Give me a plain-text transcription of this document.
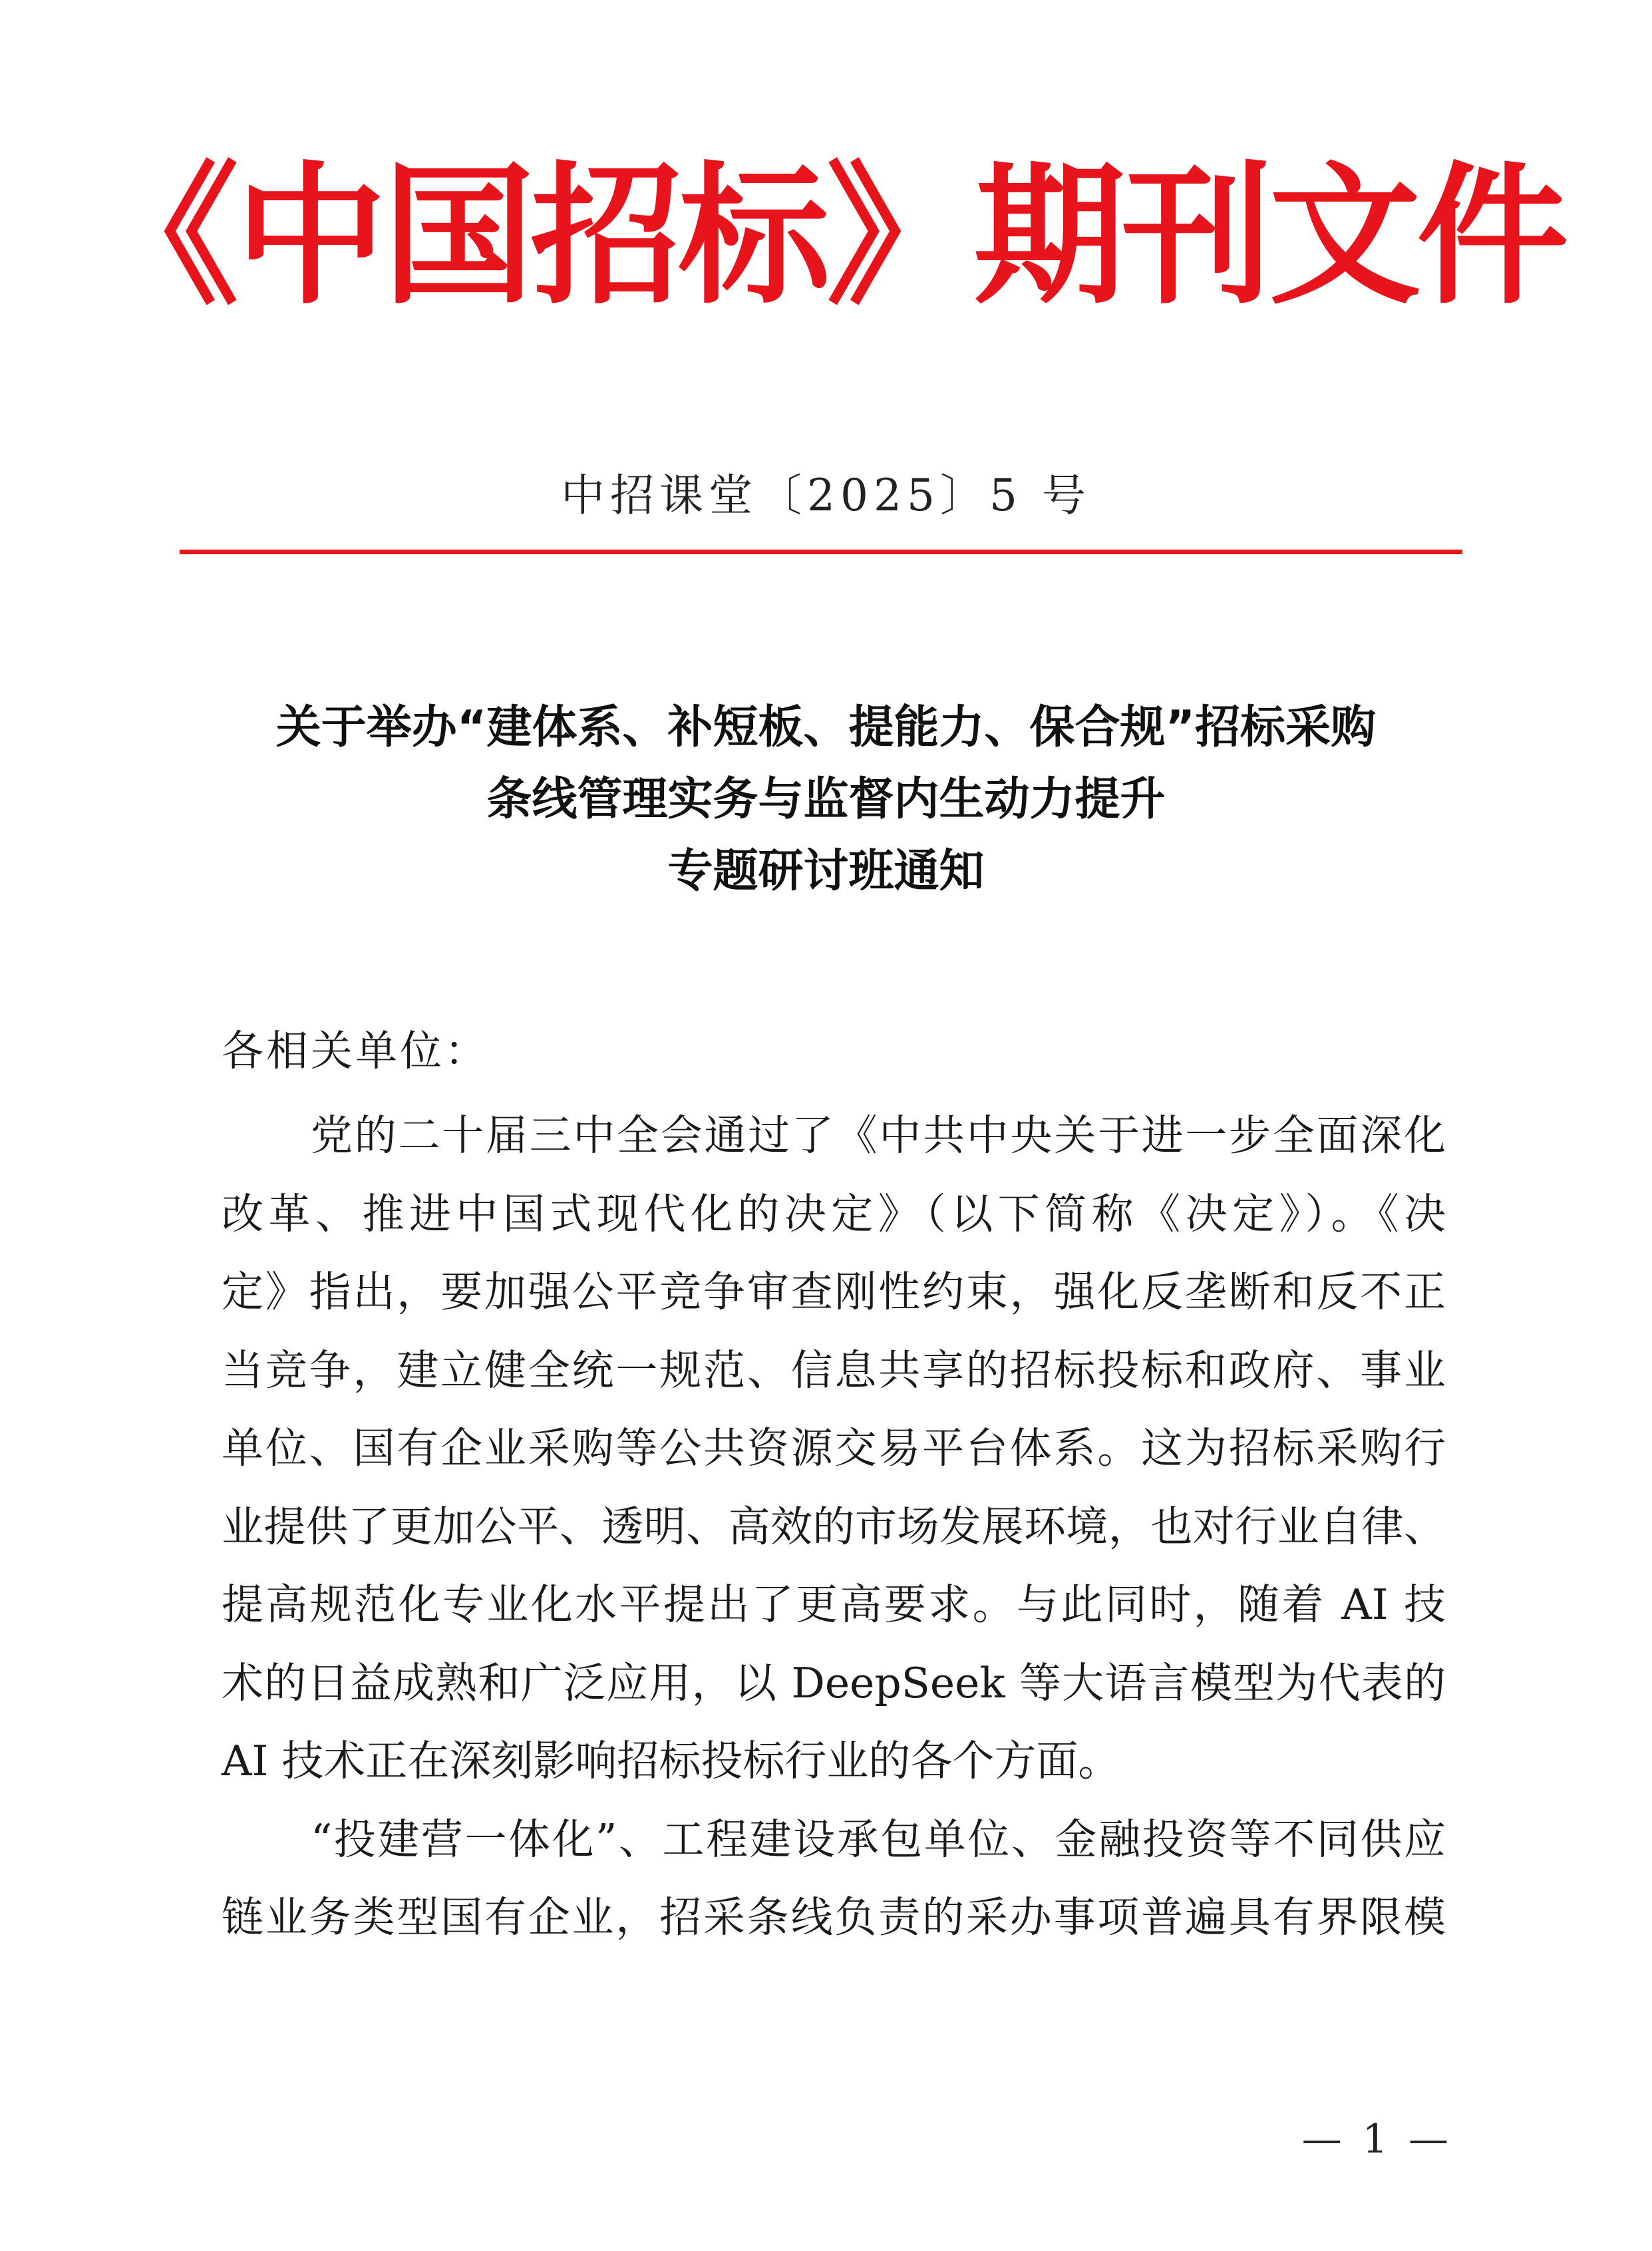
《中国招标》期刊文件
中招课堂〔2025〕5 号
关于举办“建体系、补短板、提能力、保合规”招标采购
条线管理实务与监督内生动力提升
专题研讨班通知
各相关单位：
党的二十届三中全会通过了《中共中央关于进一步全面深化
改革、推进中国式现代化的决定》（以下简称《决定》）。《决
定》指出，要加强公平竞争审查刚性约束，强化反垄断和反不正
当竞争，建立健全统一规范、信息共享的招标投标和政府、事业
单位、国有企业采购等公共资源交易平台体系。这为招标采购行
业提供了更加公平、透明、高效的市场发展环境，也对行业自律、
提高规范化专业化水平提出了更高要求。与此同时，随着 AI 技
术的日益成熟和广泛应用，以 DeepSeek 等大语言模型为代表的
AI 技术正在深刻影响招标投标行业的各个方面。
“投建营一体化”、工程建设承包单位、金融投资等不同供应
链业务类型国有企业，招采条线负责的采办事项普遍具有界限模
— 1 —
